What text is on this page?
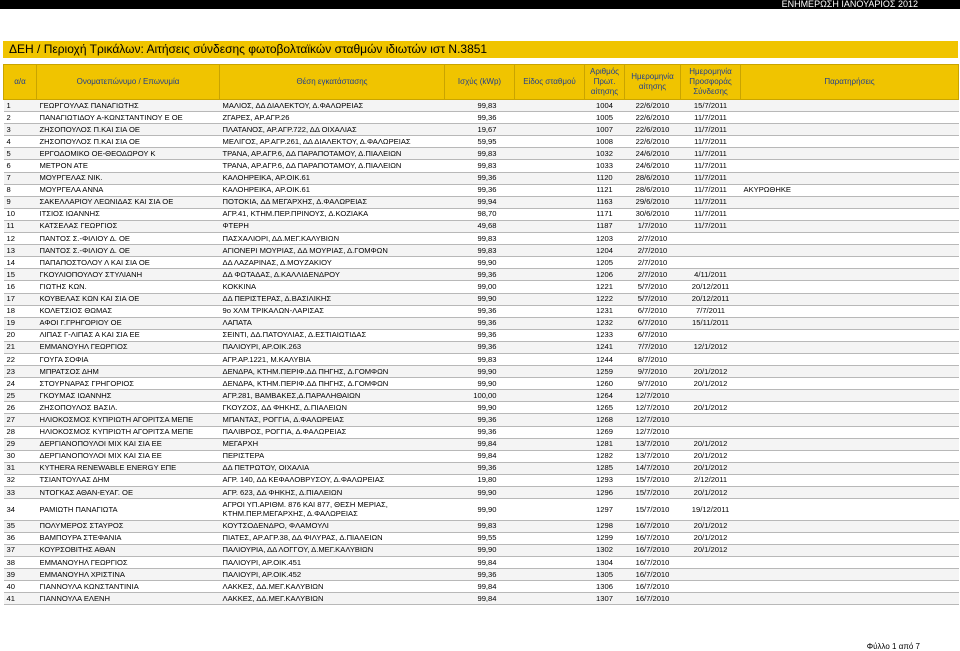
ΕΝΗΜΕΡΩΣΗ ΙΑΝΟΥΑΡΙΟΣ 2012
ΔΕΗ / Περιοχή Τρικάλων: Αιτήσεις σύνδεσης φωτοβολταϊκών σταθμών ιδιωτών ιστ Ν.3851
α/α	Ονοματεπώνυμο / Επωνυμία	Θέση εγκατάστασης	Ισχύς (kWp)	Είδος σταθμού	Αριθμός Πρωτ. αίτησης	Ημερομηνία αίτησης	Ημερομηνία Προσφοράς Σύνδεσης	Παρατηρήσεις
1	ΓΕΩΡΓΟΥΛΑΣ ΠΑΝΑΓΙΩΤΗΣ	ΜΑΛΙΟΣ, ΔΔ ΔΙΑΛΕΚΤΟΥ, Δ.ΦΑΛΩΡΕΙΑΣ	99,83		1004	22/6/2010	15/7/2011	
2	ΠΑΝΑΓΙΩΤΙΔΟΥ Α-ΚΩΝΣΤΑΝΤΙΝΟΥ Ε ΟΕ	ΖΓΑΡΕΣ, ΑΡ.ΑΓΡ.26	99,36		1005	22/6/2010	11/7/2011	
3	ΖΗΣΟΠΟΥΛΟΣ Π.ΚΑΙ ΣΙΑ ΟΕ	ΠΛΑΤΑΝΟΣ, ΑΡ.ΑΓΡ.722, ΔΔ ΟΙΧΑΛΙΑΣ	19,67		1007	22/6/2010	11/7/2011	
4	ΖΗΣΟΠΟΥΛΟΣ Π.ΚΑΙ ΣΙΑ ΟΕ	ΜΕΛΙΓΟΣ, ΑΡ.ΑΓΡ.261, ΔΔ ΔΙΑΛΕΚΤΟΥ, Δ.ΦΑΛΩΡΕΙΑΣ	59,95		1008	22/6/2010	11/7/2011	
5	ΕΡΓΟΔΟΜΙΚΟ ΟΕ-ΘΕΟΔΩΡΟΥ Κ	ΤΡΑΝΑ, ΑΡ.ΑΓΡ.6, ΔΔ ΠΑΡΑΠΟΤΑΜΟΥ, Δ.ΠΙΑΛΕΙΩΝ	99,83		1032	24/6/2010	11/7/2011	
6	ΜΕΤΡΟΝ ΑΤΕ	ΤΡΑΝΑ, ΑΡ.ΑΓΡ.6, ΔΔ ΠΑΡΑΠΟΤΑΜΟΥ, Δ.ΠΙΑΛΕΙΩΝ	99,83		1033	24/6/2010	11/7/2011	
7	ΜΟΥΡΓΕΛΑΣ ΝΙΚ.	ΚΑΛΟΗΡΕΙΚΑ, ΑΡ.ΟΙΚ.61	99,36		1120	28/6/2010	11/7/2011	
8	ΜΟΥΡΓΕΛΑ ΑΝΝΑ	ΚΑΛΟΗΡΕΙΚΑ, ΑΡ.ΟΙΚ.61	99,36		1121	28/6/2010	11/7/2011	ΑΚΥΡΩΘΗΚΕ
9	ΣΑΚΕΛΛΑΡΙΟΥ ΛΕΩΝΙΔΑΣ ΚΑΙ ΣΙΑ ΟΕ	ΠΟΤΟΚΙΑ, ΔΔ ΜΕΓΑΡΧΗΣ, Δ.ΦΑΛΩΡΕΙΑΣ	99,94		1163	29/6/2010	11/7/2011	
10	ΙΤΣΙΟΣ ΙΩΑΝΝΗΣ	ΑΓΡ.41, ΚΤΗΜ.ΠΕΡ.ΠΡΙΝΟΥΣ, Δ.ΚΟΖΙΑΚΑ	98,70		1171	30/6/2010	11/7/2011	
11	ΚΑΤΣΕΛΑΣ ΓΕΩΡΓΙΟΣ	ΦΤΕΡΗ	49,68		1187	1/7/2010	11/7/2011	
12	ΠΑΝΤΟΣ Σ.-ΦΙΛΙΟΥ Δ. ΟΕ	ΠΑΣΧΑΛΙΟΡΙ, ΔΔ.ΜΕΓ.ΚΑΛΥΒΙΩΝ	99,83		1203	2/7/2010		
13	ΠΑΝΤΟΣ Σ.-ΦΙΛΙΟΥ Δ. ΟΕ	ΑΓΙΟΝΕΡΙ ΜΟΥΡΙΑΣ, ΔΔ ΜΟΥΡΙΑΣ, Δ.ΓΟΜΦΩΝ	99,83		1204	2/7/2010		
14	ΠΑΠΑΠΟΣΤΟΛΟΥ Λ ΚΑΙ ΣΙΑ ΟΕ	ΔΔ ΛΑΖΑΡΙΝΑΣ, Δ.ΜΟΥΖΑΚΙΟΥ	99,90		1205	2/7/2010		
15	ΓΚΟΥΛΙΟΠΟΥΛΟΥ ΣΤΥΛΙΑΝΗ	ΔΔ ΦΩΤΑΔΑΣ, Δ.ΚΑΛΛΙΔΕΝΔΡΟΥ	99,36		1206	2/7/2010	4/11/2011	
16	ΓΙΩΤΗΣ ΚΩΝ.	ΚΟΚΚΙΝΑ	99,00		1221	5/7/2010	20/12/2011	
17	ΚΟΥΒΕΛΑΣ ΚΩΝ ΚΑΙ ΣΙΑ ΟΕ	ΔΔ ΠΕΡΙΣΤΕΡΑΣ, Δ.ΒΑΣΙΛΙΚΗΣ	99,90		1222	5/7/2010	20/12/2011	
18	ΚΟΛΕΤΣΙΟΣ ΘΩΜΑΣ	9ο ΧΛΜ ΤΡΙΚΑΛΩΝ-ΛΑΡΙΣΑΣ	99,36		1231	6/7/2010	7/7/2011	
19	ΑΦΟΙ Γ.ΓΡΗΓΟΡΙΟΥ ΟΕ	ΛΑΠΑΤΑ	99,36		1232	6/7/2010	15/11/2011	
20	ΛΙΠΑΣ Γ-ΛΙΠΑΣ Α ΚΑΙ ΣΙΑ ΕΕ	ΣΕΙΝΤΙ, ΔΔ.ΠΑΤΟΥΛΙΑΣ, Δ.ΕΣΤΙΑΙΩΤΙΔΑΣ	99,36		1233	6/7/2010		
21	ΕΜΜΑΝΟΥΗΛ ΓΕΩΡΓΙΟΣ	ΠΑΛΙΟΥΡΙ, ΑΡ.ΟΙΚ.263	99,36		1241	7/7/2010	12/1/2012	
22	ΓΟΥΓΑ ΣΟΦΙΑ	ΑΓΡ.ΑΡ.1221, Μ.ΚΑΛΥΒΙΑ	99,83		1244	8/7/2010		
23	ΜΠΡΑΤΣΟΣ ΔΗΜ	ΔΕΝΔΡΑ, ΚΤΗΜ.ΠΕΡΙΦ.ΔΔ ΠΗΓΗΣ, Δ.ΓΟΜΦΩΝ	99,90		1259	9/7/2010	20/1/2012	
24	ΣΤΟΥΡΝΑΡΑΣ ΓΡΗΓΟΡΙΟΣ	ΔΕΝΔΡΑ, ΚΤΗΜ.ΠΕΡΙΦ.ΔΔ ΠΗΓΗΣ, Δ.ΓΟΜΦΩΝ	99,90		1260	9/7/2010	20/1/2012	
25	ΓΚΟΥΜΑΣ ΙΩΑΝΝΗΣ	ΑΓΡ.281, ΒΑΜΒΑΚΕΣ,Δ.ΠΑΡΑΛΗΘΑΙΩΝ	100,00		1264	12/7/2010		
26	ΖΗΣΟΠΟΥΛΟΣ ΒΑΣΙΛ.	ΓΚΟΥΖΟΣ, ΔΔ ΦΗΚΗΣ, Δ.ΠΙΑΛΕΙΩΝ	99,90		1265	12/7/2010	20/1/2012	
27	ΗΛΙΟΚΟΣΜΟΣ ΚΥΠΡΙΩΤΗ ΑΓΟΡΙΤΣΑ ΜΕΠΕ	ΜΠΑΝΤΑΣ, ΡΟΓΓΙΑ, Δ.ΦΑΛΩΡΕΙΑΣ	99,36		1268	12/7/2010		
28	ΗΛΙΟΚΟΣΜΟΣ ΚΥΠΡΙΩΤΗ ΑΓΟΡΙΤΣΑ ΜΕΠΕ	ΠΑΛΙΒΡΟΣ, ΡΟΓΓΙΑ, Δ.ΦΑΛΩΡΕΙΑΣ	99,36		1269	12/7/2010		
29	ΔΕΡΓΙΑΝΟΠΟΥΛΟΙ ΜΙΧ ΚΑΙ ΣΙΑ ΕΕ	ΜΕΓΑΡΧΗ	99,84		1281	13/7/2010	20/1/2012	
30	ΔΕΡΓΙΑΝΟΠΟΥΛΟΙ ΜΙΧ ΚΑΙ ΣΙΑ ΕΕ	ΠΕΡΙΣΤΕΡΑ	99,84		1282	13/7/2010	20/1/2012	
31	KYTHERA RENEWABLE ENERGY ΕΠΕ	ΔΔ ΠΕΤΡΩΤΟΥ, ΟΙΧΑΛΙΑ	99,36		1285	14/7/2010	20/1/2012	
32	ΤΣΙΑΝΤΟΥΛΑΣ ΔΗΜ	ΑΓΡ. 140, ΔΔ ΚΕΦΑΛΟΒΡΥΣΟΥ, Δ.ΦΑΛΩΡΕΙΑΣ	19,80		1293	15/7/2010	2/12/2011	
33	ΝΤΟΓΚΑΣ ΑΘΑΝ-ΕΥΑΓ. ΟΕ	ΑΓΡ. 623, ΔΔ ΦΗΚΗΣ, Δ.ΠΙΑΛΕΙΩΝ	99,90		1296	15/7/2010	20/1/2012	
34	ΡΑΜΙΩΤΗ ΠΑΝΑΓΙΩΤΑ	ΑΓΡΟΙ ΥΠ.ΑΡΙΘΜ. 876 ΚΑΙ 877, ΘΕΣΗ ΜΕΡΙΑΣ, ΚΤΗΜ.ΠΕΡ.ΜΕΓΑΡΧΗΣ, Δ.ΦΑΛΩΡΕΙΑΣ	99,90		1297	15/7/2010	19/12/2011	
35	ΠΟΛΥΜΕΡΟΣ ΣΤΑΥΡΟΣ	ΚΟΥΤΣΟΔΕΝΔΡΟ, ΦΛΑΜΟΥΛΙ	99,83		1298	16/7/2010	20/1/2012	
36	ΒΑΜΠΟΥΡΑ ΣΤΕΦΑΝΙΑ	ΠΙΑΤΕΣ, ΑΡ.ΑΓΡ.38, ΔΔ ΦΙΛΥΡΑΣ, Δ.ΠΙΑΛΕΙΩΝ	99,55		1299	16/7/2010	20/1/2012	
37	ΚΟΥΡΣΟΒΙΤΗΣ ΑΘΑΝ	ΠΑΛΙΟΥΡΙΑ, ΔΔ ΛΟΓΓΟΥ, Δ.ΜΕΓ.ΚΑΛΥΒΙΩΝ	99,90		1302	16/7/2010	20/1/2012	
38	ΕΜΜΑΝΟΥΗΛ ΓΕΩΡΓΙΟΣ	ΠΑΛΙΟΥΡΙ, ΑΡ.ΟΙΚ.451	99,84		1304	16/7/2010		
39	ΕΜΜΑΝΟΥΗΛ ΧΡΙΣΤΙΝΑ	ΠΑΛΙΟΥΡΙ, ΑΡ.ΟΙΚ.452	99,36		1305	16/7/2010		
40	ΓΙΑΝΝΟΥΛΑ ΚΩΝΣΤΑΝΤΙΝΙΑ	ΛΑΚΚΕΣ, ΔΔ.ΜΕΓ.ΚΑΛΥΒΙΩΝ	99,84		1306	16/7/2010		
41	ΓΙΑΝΝΟΥΛΑ ΕΛΕΝΗ	ΛΑΚΚΕΣ, ΔΔ.ΜΕΓ.ΚΑΛΥΒΙΩΝ	99,84		1307	16/7/2010		
Φύλλο 1 από 7
